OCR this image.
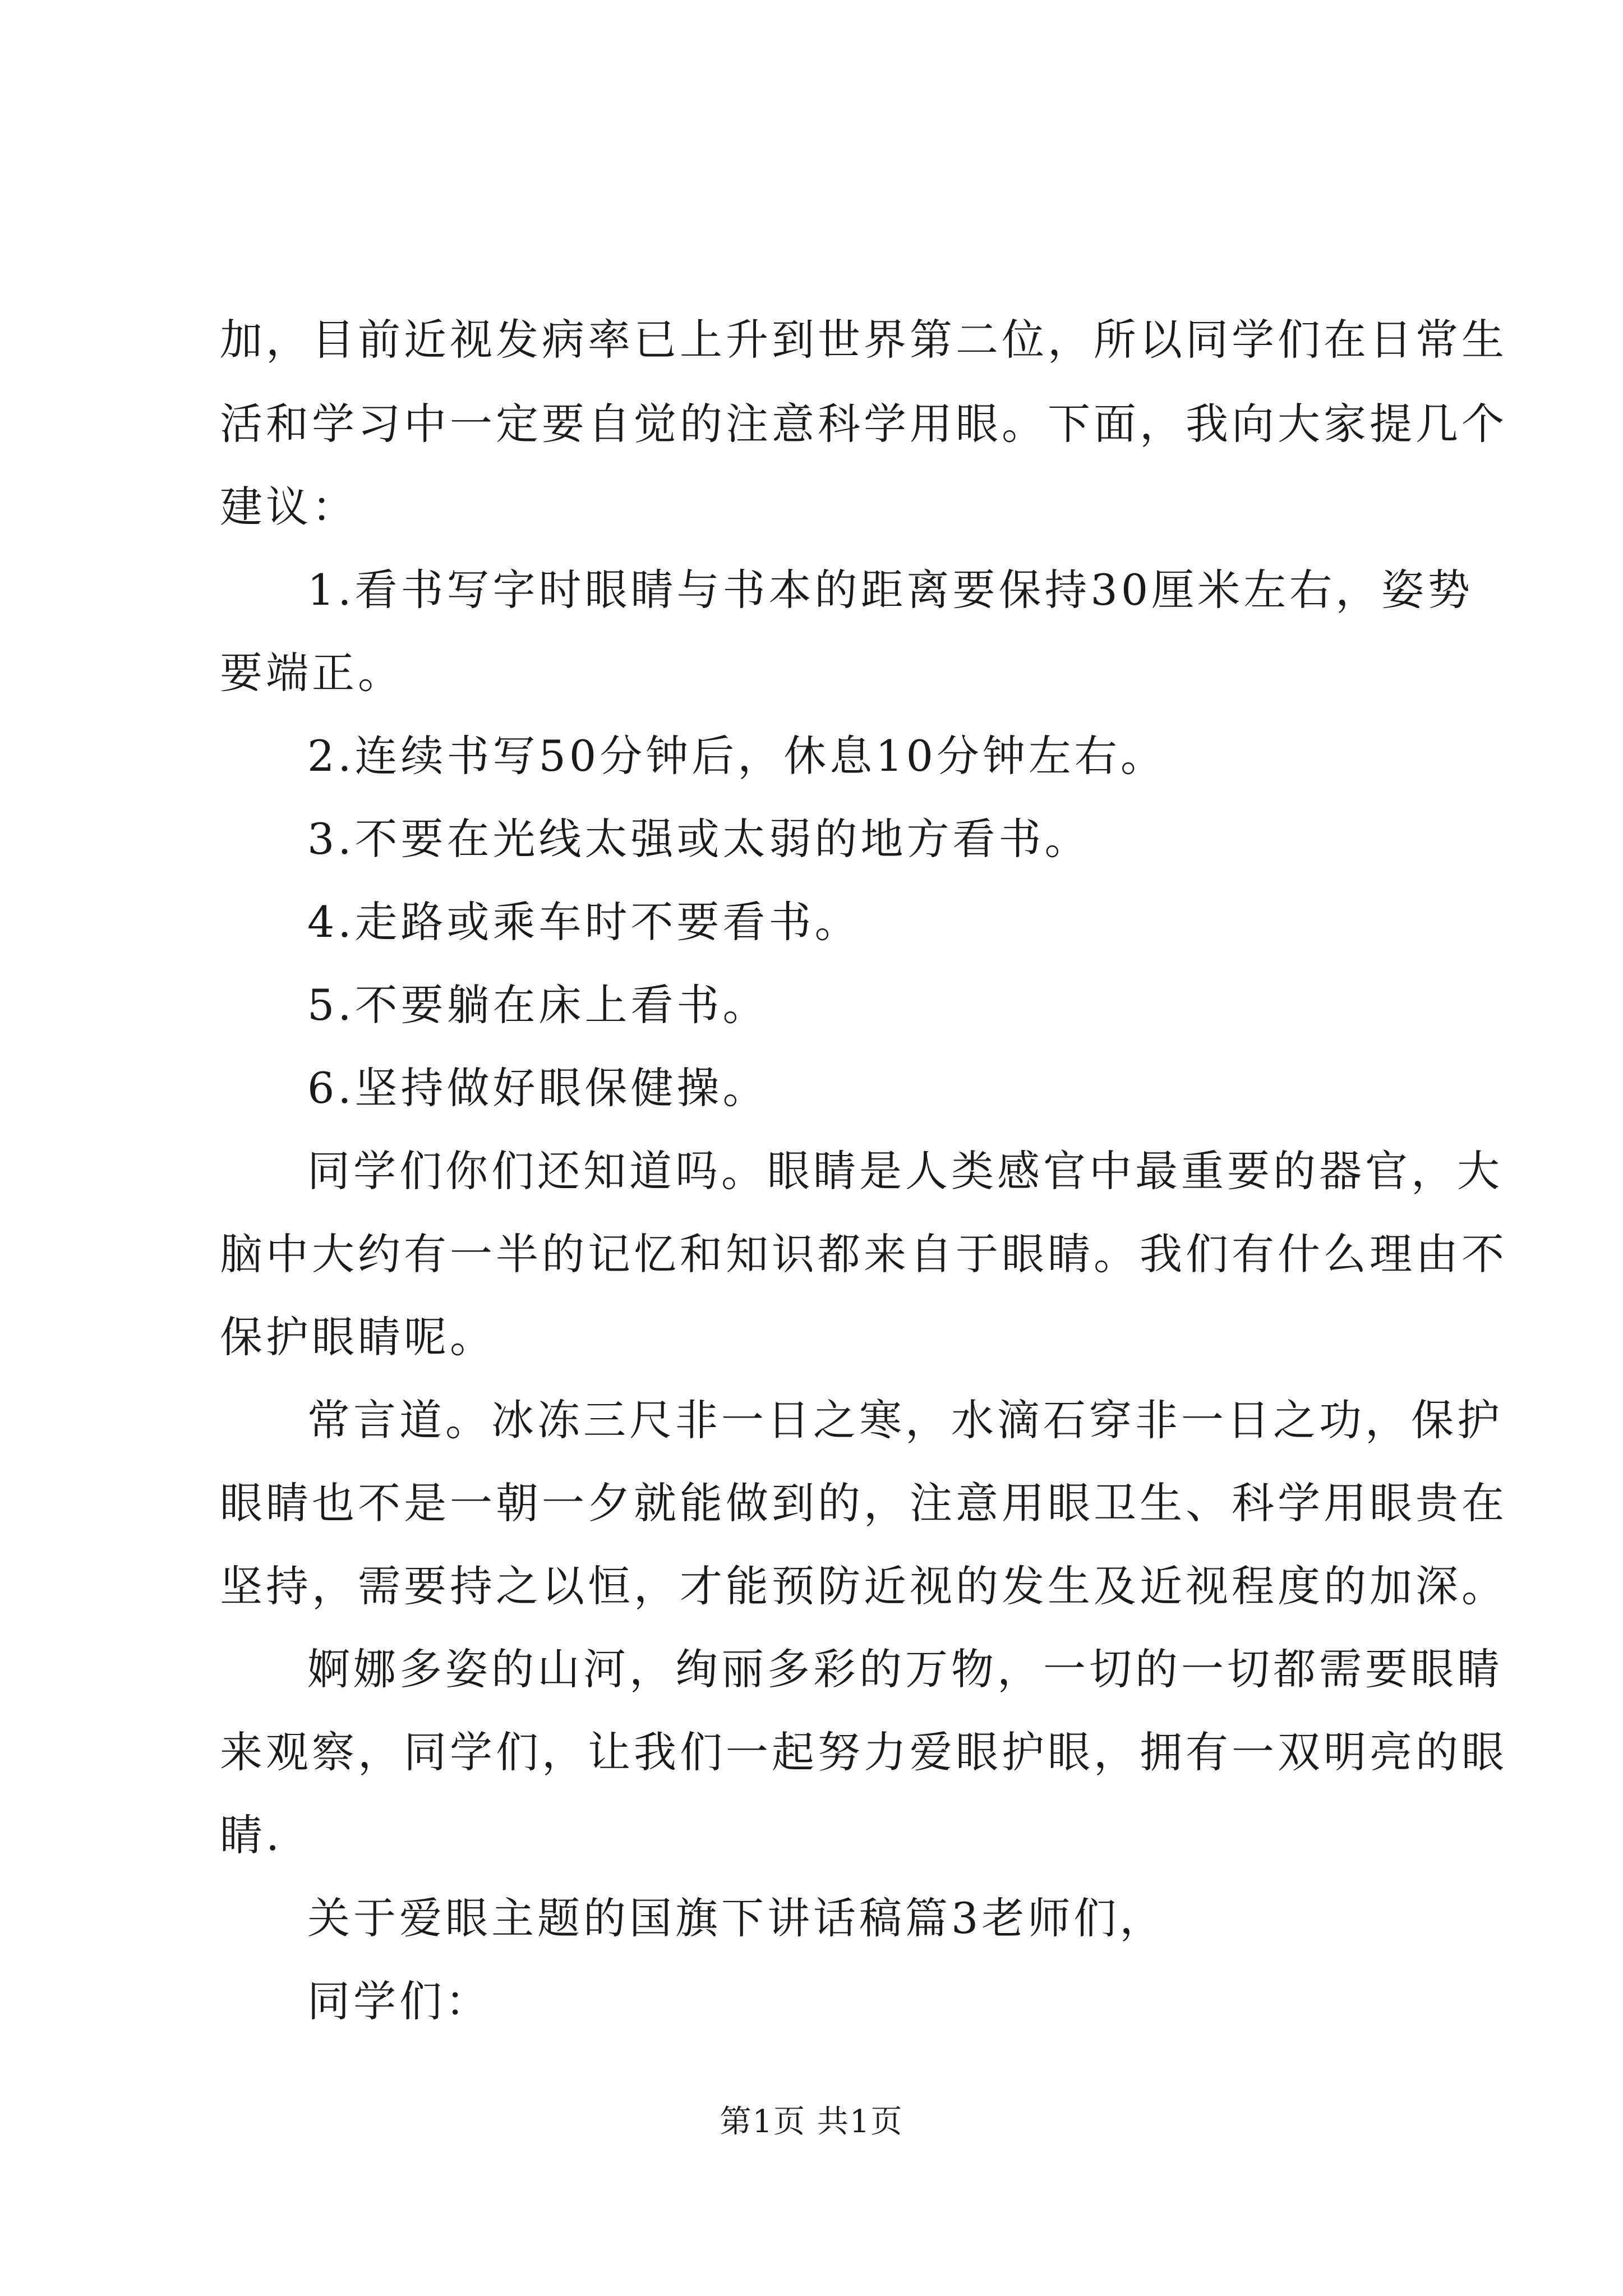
加，目前近视发病率已上升到世界第二位，所以同学们在日常生
活和学习中一定要自觉的注意科学用眼。下面，我向大家提几个
建议：
1.看书写字时眼睛与书本的距离要保持30厘米左右，姿势
要端正。
2.连续书写50分钟后，休息10分钟左右。
3.不要在光线太强或太弱的地方看书。
4.走路或乘车时不要看书。
5.不要躺在床上看书。
6.坚持做好眼保健操。
同学们你们还知道吗。眼睛是人类感官中最重要的器官，大
脑中大约有一半的记忆和知识都来自于眼睛。我们有什么理由不
保护眼睛呢。
常言道。冰冻三尺非一日之寒，水滴石穿非一日之功，保护
眼睛也不是一朝一夕就能做到的，注意用眼卫生、科学用眼贵在
坚持，需要持之以恒，才能预防近视的发生及近视程度的加深。
婀娜多姿的山河，绚丽多彩的万物，一切的一切都需要眼睛
来观察，同学们，让我们一起努力爱眼护眼，拥有一双明亮的眼
睛.
关于爱眼主题的国旗下讲话稿篇3老师们，
同学们：
第1页 共1页
